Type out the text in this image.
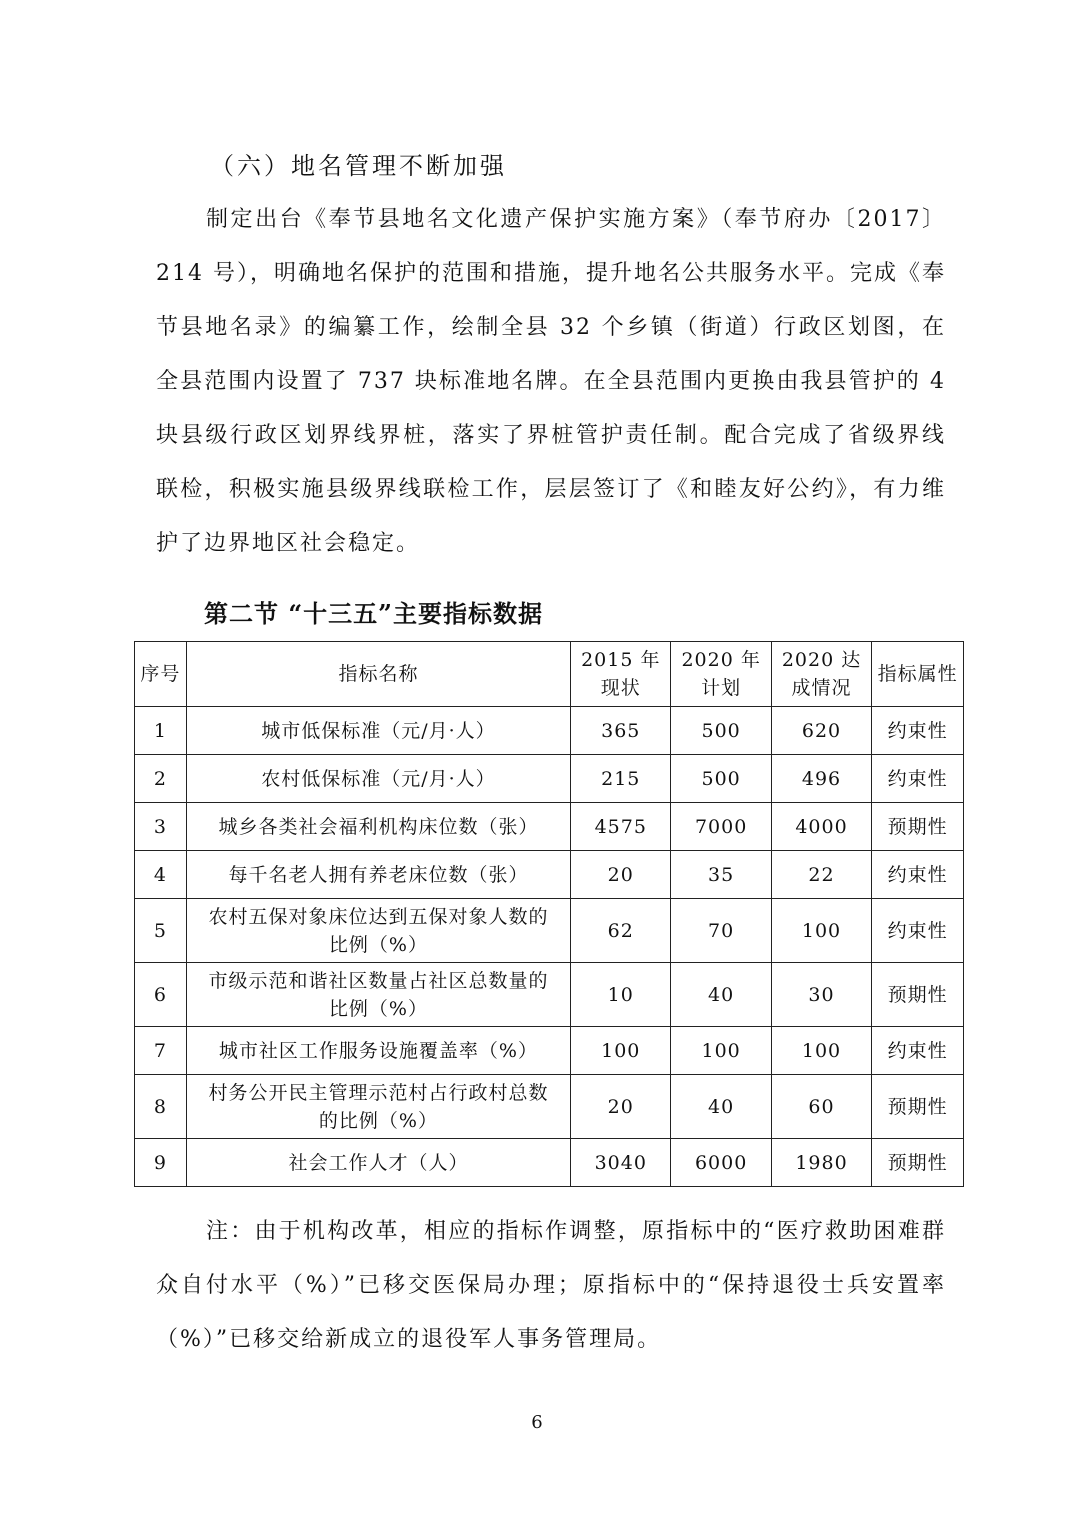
（六）地名管理不断加强

制定出台《奉节县地名文化遗产保护实施方案》（奉节府办〔2017〕214 号），明确地名保护的范围和措施，提升地名公共服务水平。完成《奉节县地名录》的编纂工作，绘制全县 32 个乡镇（街道）行政区划图，在全县范围内设置了 737 块标准地名牌。在全县范围内更换由我县管护的 4 块县级行政区划界线界桩，落实了界桩管护责任制。配合完成了省级界线联检，积极实施县级界线联检工作，层层签订了《和睦友好公约》，有力维护了边界地区社会稳定。

第二节 “十三五”主要指标数据
序号	指标名称	2015 年现状	2020 年计划	2020 达成情况	指标属性
1	城市低保标准（元/月·人）	365	500	620	约束性
2	农村低保标准（元/月·人）	215	500	496	约束性
3	城乡各类社会福利机构床位数（张）	4575	7000	4000	预期性
4	每千名老人拥有养老床位数（张）	20	35	22	约束性
5	农村五保对象床位达到五保对象人数的比例（%）	62	70	100	约束性
6	市级示范和谐社区数量占社区总数量的比例（%）	10	40	30	预期性
7	城市社区工作服务设施覆盖率（%）	100	100	100	约束性
8	村务公开民主管理示范村占行政村总数的比例（%）	20	40	60	预期性
9	社会工作人才（人）	3040	6000	1980	预期性

注：由于机构改革，相应的指标作调整，原指标中的“医疗救助困难群众自付水平（%）”已移交医保局办理；原指标中的“保持退役士兵安置率（%）”已移交给新成立的退役军人事务管理局。

6
